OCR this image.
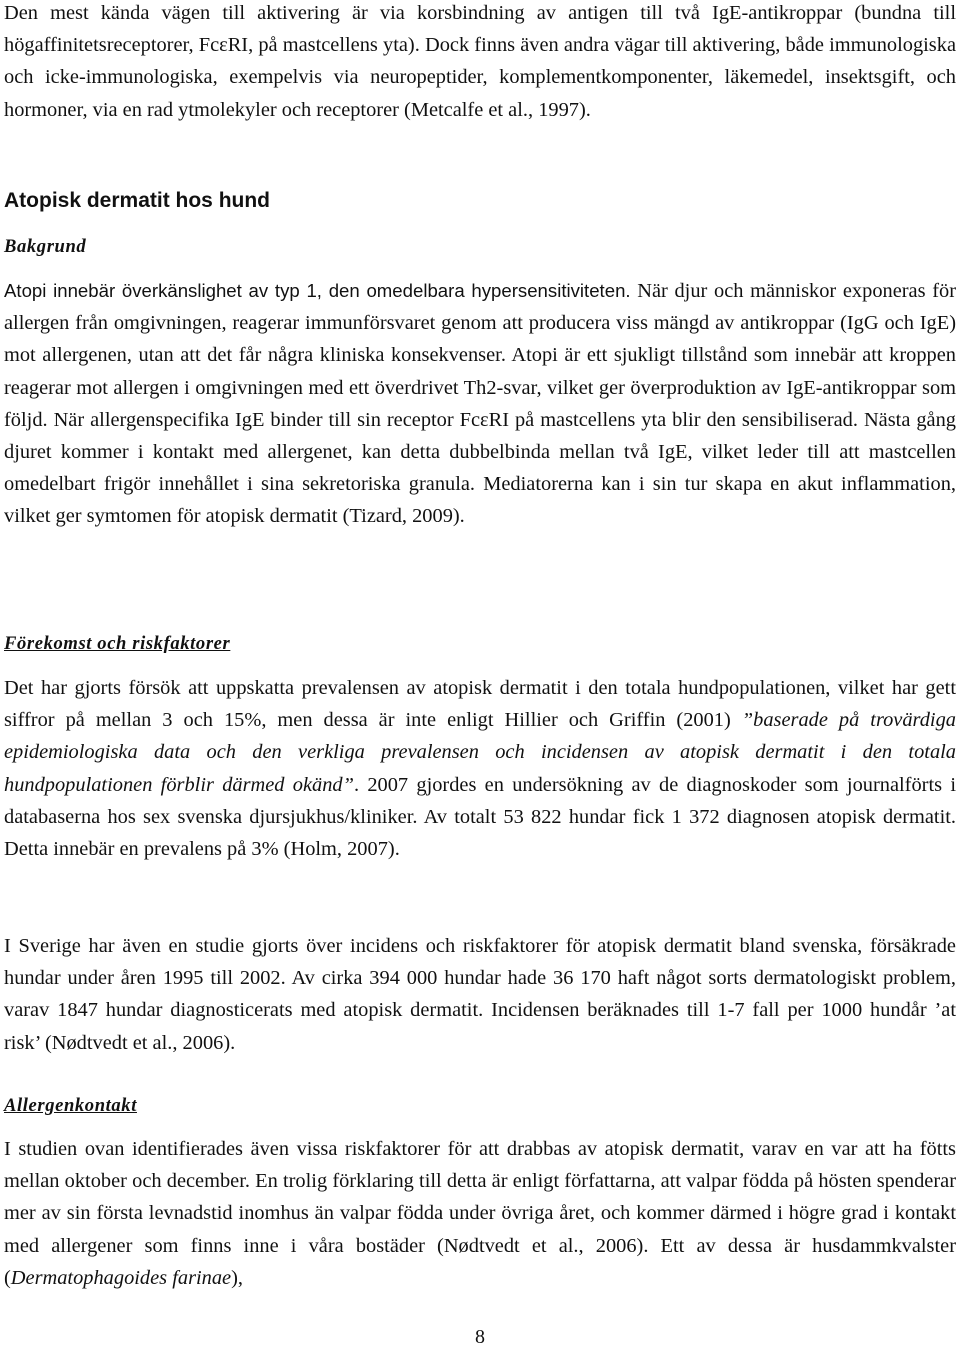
Den mest kända vägen till aktivering är via korsbindning av antigen till två IgE-antikroppar (bundna till högaffinitetsreceptorer, FcεRI, på mastcellens yta). Dock finns även andra vägar till aktivering, både immunologiska och icke-immunologiska, exempelvis via neuropeptider, komplementkomponenter, läkemedel, insektsgift, och hormoner, via en rad ytmolekyler och receptorer (Metcalfe et al., 1997).

Atopisk dermatit hos hund
Bakgrund

Atopi innebär överkänslighet av typ 1, den omedelbara hypersensitiviteten. När djur och människor exponeras för allergen från omgivningen, reagerar immunförsvaret genom att producera viss mängd av antikroppar (IgG och IgE) mot allergenen, utan att det får några kliniska konsekvenser. Atopi är ett sjukligt tillstånd som innebär att kroppen reagerar mot allergen i omgivningen med ett överdrivet Th2-svar, vilket ger överproduktion av IgE-antikroppar som följd. När allergenspecifika IgE binder till sin receptor FcεRI på mastcellens yta blir den sensibiliserad. Nästa gång djuret kommer i kontakt med allergenet, kan detta dubbelbinda mellan två IgE, vilket leder till att mastcellen omedelbart frigör innehållet i sina sekretoriska granula. Mediatorerna kan i sin tur skapa en akut inflammation, vilket ger symtomen för atopisk dermatit (Tizard, 2009).

Förekomst och riskfaktorer

Det har gjorts försök att uppskatta prevalensen av atopisk dermatit i den totala hundpopulationen, vilket har gett siffror på mellan 3 och 15%, men dessa är inte enligt Hillier och Griffin (2001) ”baserade på trovärdiga epidemiologiska data och den verkliga prevalensen och incidensen av atopisk dermatit i den totala hundpopulationen förblir därmed okänd”. 2007 gjordes en undersökning av de diagnoskoder som journalförts i databaserna hos sex svenska djursjukhus/kliniker. Av totalt 53 822 hundar fick 1 372 diagnosen atopisk dermatit. Detta innebär en prevalens på 3% (Holm, 2007).

I Sverige har även en studie gjorts över incidens och riskfaktorer för atopisk dermatit bland svenska, försäkrade hundar under åren 1995 till 2002. Av cirka 394 000 hundar hade 36 170 haft något sorts dermatologiskt problem, varav 1847 hundar diagnosticerats med atopisk dermatit. Incidensen beräknades till 1-7 fall per 1000 hundår ’at risk’ (Nødtvedt et al., 2006).

Allergenkontakt

I studien ovan identifierades även vissa riskfaktorer för att drabbas av atopisk dermatit, varav en var att ha fötts mellan oktober och december. En trolig förklaring till detta är enligt författarna, att valpar födda på hösten spenderar mer av sin första levnadstid inomhus än valpar födda under övriga året, och kommer därmed i högre grad i kontakt med allergener som finns inne i våra bostäder (Nødtvedt et al., 2006). Ett av dessa är husdammkvalster (Dermatophagoides farinae),

8
